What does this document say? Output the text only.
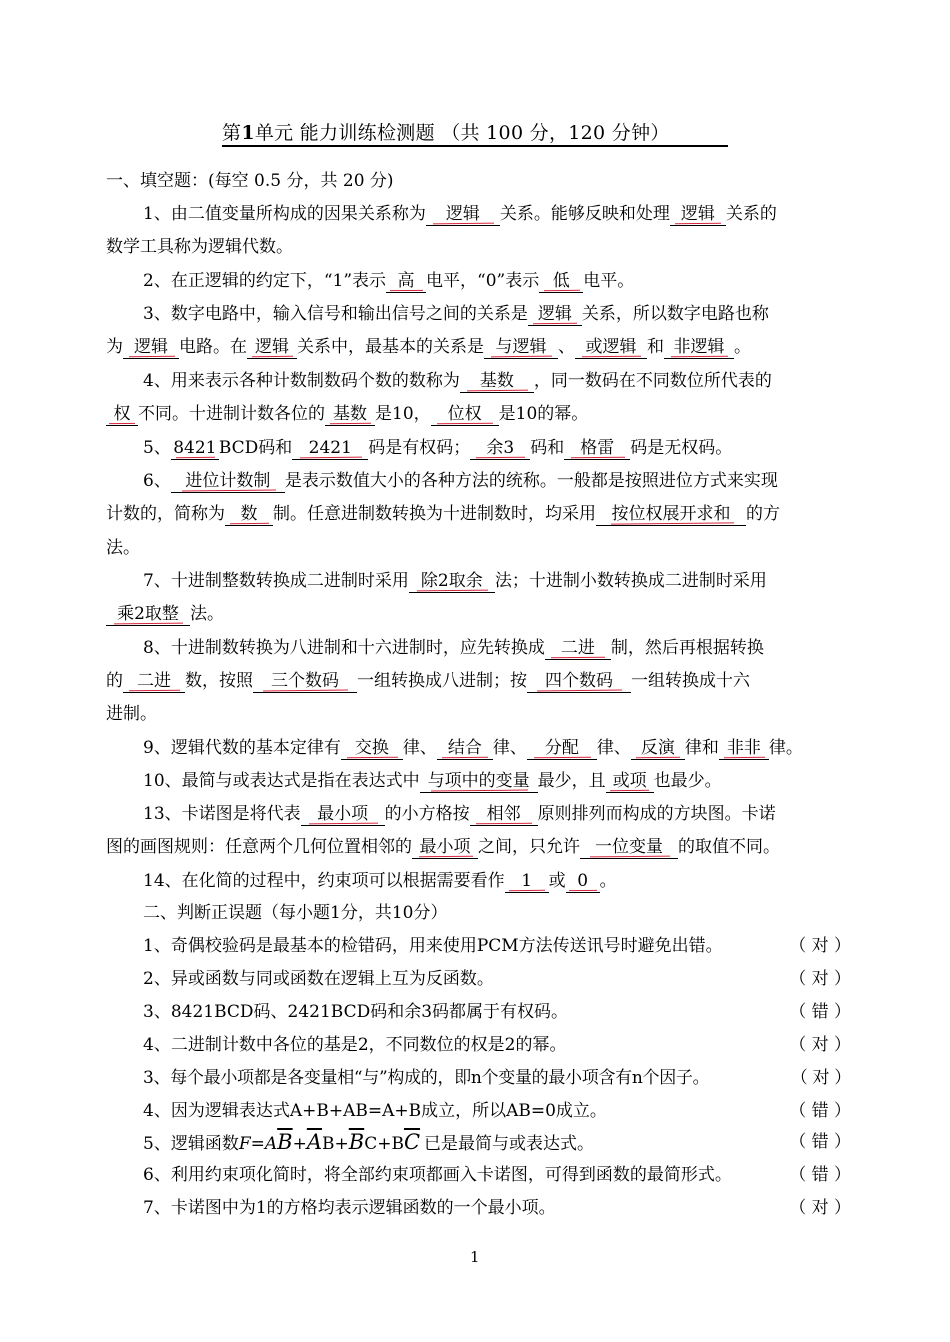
第1单元 能力训练检测题 （共 100 分，120 分钟）
一、填空题：(每空 0.5 分，共 20 分)
1、由二值变量所构成的因果关系称为 逻辑 关系。能够反映和处理 逻辑 关系的
数学工具称为逻辑代数。
2、在正逻辑的约定下，“1”表示 高 电平，“0”表示 低 电平。
3、数字电路中，输入信号和输出信号之间的关系是 逻辑 关系，所以数字电路也称
为 逻辑 电路。在 逻辑 关系中，最基本的关系是 与逻辑 、 或逻辑 和 非逻辑 。
4、用来表示各种计数制数码个数的数称为 基数 ，同一数码在不同数位所代表的
权 不同。十进制计数各位的 基数 是10， 位权 是10的幂。
5、 8421 BCD码和 2421 码是有权码； 余3 码和 格雷 码是无权码。
6、 进位计数制 是表示数值大小的各种方法的统称。一般都是按照进位方式来实现
计数的，简称为 数 制。任意进制数转换为十进制数时，均采用 按位权展开求和 的方
法。
7、十进制整数转换成二进制时采用 除2取余 法；十进制小数转换成二进制时采用
乘2取整 法。
8、十进制数转换为八进制和十六进制时，应先转换成 二进 制，然后再根据转换
的 二进 数，按照 三个数码 一组转换成八进制；按 四个数码 一组转换成十六
进制。
9、逻辑代数的基本定律有 交换 律、 结合 律、 分配 律、 反演 律和 非非 律。
10、最简与或表达式是指在表达式中 与项中的变量 最少，且 或项 也最少。
13、卡诺图是将代表 最小项 的小方格按 相邻 原则排列而构成的方块图。卡诺
图的画图规则：任意两个几何位置相邻的 最小项 之间，只允许 一位变量 的取值不同。
14、在化简的过程中，约束项可以根据需要看作 1 或 0 。
二、判断正误题（每小题1分，共10分）
1、奇偶校验码是最基本的检错码，用来使用PCM方法传送讯号时避免出错。	（ 对 ）
2、异或函数与同或函数在逻辑上互为反函数。	（ 对 ）
3、8421BCD码、2421BCD码和余3码都属于有权码。	（ 错 ）
4、二进制计数中各位的基是2，不同数位的权是2的幂。	（ 对 ）
3、每个最小项都是各变量相“与”构成的，即n个变量的最小项含有n个因子。	（ 对 ）
4、因为逻辑表达式A+B+AB=A+B成立，所以AB=0成立。	（ 错 ）
5、逻辑函数$F=A\overline{B}+\overline{A}B+\overline{B}C+B\overline{C}$ 已是最简与或表达式。	（ 错 ）
6、利用约束项化简时，将全部约束项都画入卡诺图，可得到函数的最简形式。	（ 错 ）
7、卡诺图中为1的方格均表示逻辑函数的一个最小项。	（ 对 ）
1
